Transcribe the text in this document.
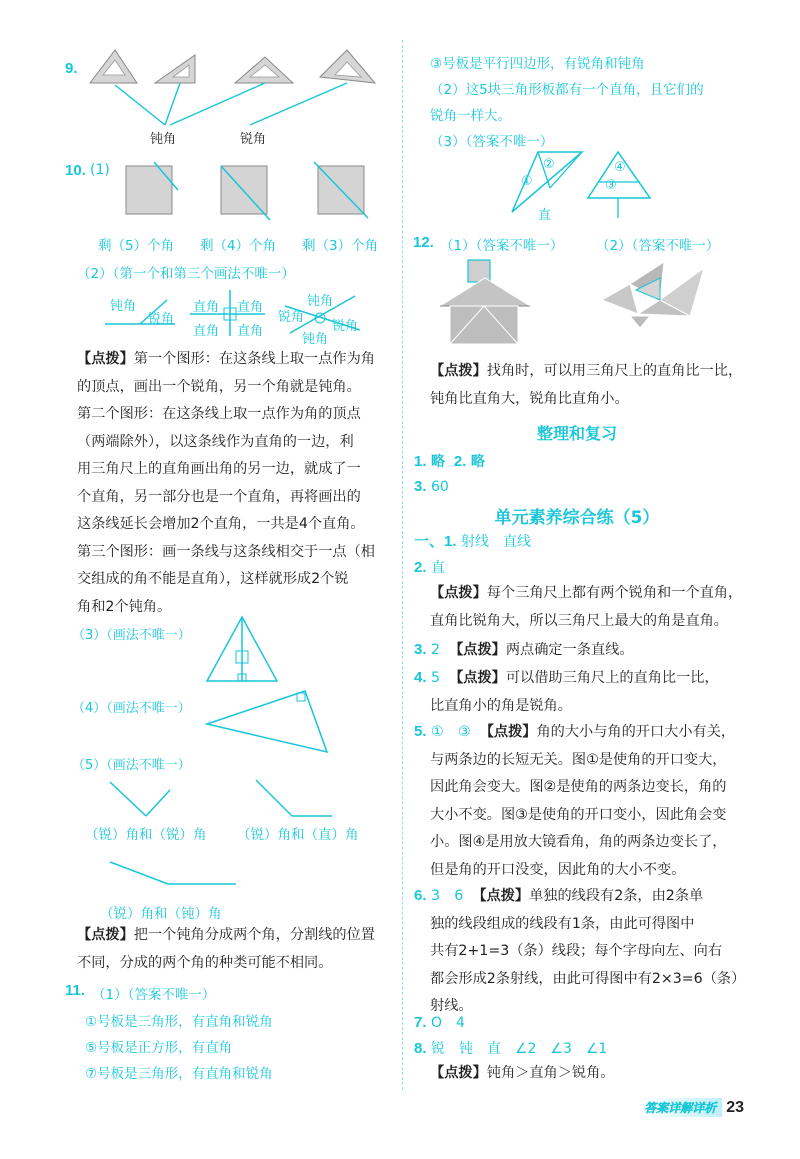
9.
钝角	锐角
10. (1)
剩（5）个角 剩（4）个角 剩（3）个角
（2）（第一个和第三个画法不唯一）
钝角
锐角
直角 直角
直角 直角
钝角
锐角
锐角
钝角
【点拨】第一个图形：在这条线上取一点作为角
的顶点，画出一个锐角，另一个角就是钝角。
第二个图形：在这条线上取一点作为角的顶点
（两端除外），以这条线作为直角的一边，利
用三角尺上的直角画出角的另一边，就成了一
个直角，另一部分也是一个直角，再将画出的
这条线延长会增加2个直角，一共是4个直角。
第三个图形：画一条线与这条线相交于一点（相
交组成的角不能是直角），这样就形成2个锐
角和2个钝角。
（3）（画法不唯一）
（4）（画法不唯一）
（5）（画法不唯一）
（锐）角和（锐）角 （锐）角和（直）角
（锐）角和（钝）角
【点拨】把一个钝角分成两个角，分割线的位置
不同，分成的两个角的种类可能不相同。
11. （1）（答案不唯一）
①号板是三角形，有直角和锐角
⑤号板是正方形，有直角
⑦号板是三角形，有直角和锐角
③号板是平行四边形，有锐角和钝角
（2）这5块三角形板都有一个直角，且它们的
锐角一样大。
（3）（答案不唯一）
②
①
④
③
直
12. （1）（答案不唯一） （2）（答案不唯一）
【点拨】找角时，可以用三角尺上的直角比一比，
钝角比直角大，锐角比直角小。
整理和复习
1. 略 2. 略
3. 60
单元素养综合练（5）
一、1. 射线　直线
2. 直
【点拨】每个三角尺上都有两个锐角和一个直角，
直角比锐角大，所以三角尺上最大的角是直角。
3. 2 【点拨】两点确定一条直线。
4. 5 【点拨】可以借助三角尺上的直角比一比，
比直角小的角是锐角。
5. ①　③ 【点拨】角的大小与角的开口大小有关，
与两条边的长短无关。图①是使角的开口变大，
因此角会变大。图②是使角的两条边变长，角的
大小不变。图③是使角的开口变小，因此角会变
小。图④是用放大镜看角，角的两条边变长了，
但是角的开口没变，因此角的大小不变。
6. 3　6 【点拨】单独的线段有2条，由2条单
独的线段组成的线段有1条，由此可得图中
共有2+1=3（条）线段；每个字母向左、向右
都会形成2条射线，由此可得图中有2×3=6（条）
射线。
7. O　4
8. 锐　钝　直　∠2　∠3　∠1
【点拨】钝角＞直角＞锐角。
答案详解详析 23
